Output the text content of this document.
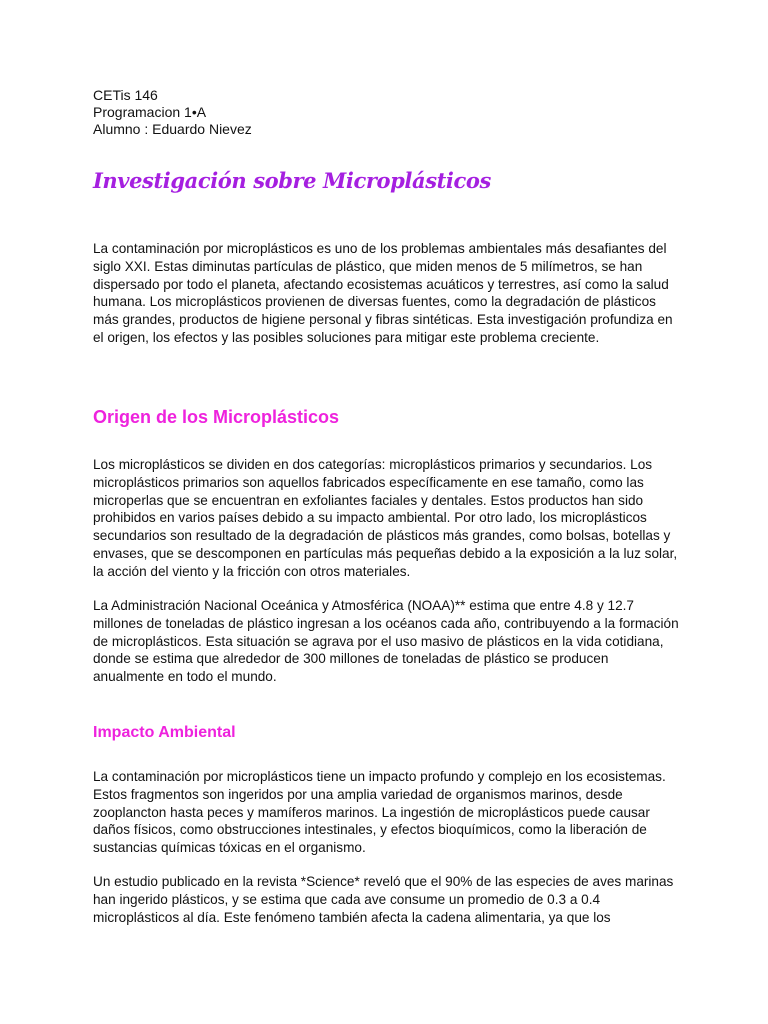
CETis 146

Programacion 1•A

Alumno : Eduardo Nievez

Investigación sobre Microplásticos

La contaminación por microplásticos es uno de los problemas ambientales más desafiantes del siglo XXI. Estas diminutas partículas de plástico, que miden menos de 5 milímetros, se han dispersado por todo el planeta, afectando ecosistemas acuáticos y terrestres, así como la salud humana. Los microplásticos provienen de diversas fuentes, como la degradación de plásticos más grandes, productos de higiene personal y fibras sintéticas. Esta investigación profundiza en el origen, los efectos y las posibles soluciones para mitigar este problema creciente.

Origen de los Microplásticos

Los microplásticos se dividen en dos categorías: microplásticos primarios y secundarios. Los microplásticos primarios son aquellos fabricados específicamente en ese tamaño, como las microperlas que se encuentran en exfoliantes faciales y dentales. Estos productos han sido prohibidos en varios países debido a su impacto ambiental. Por otro lado, los microplásticos secundarios son resultado de la degradación de plásticos más grandes, como bolsas, botellas y envases, que se descomponen en partículas más pequeñas debido a la exposición a la luz solar, la acción del viento y la fricción con otros materiales.

La Administración Nacional Oceánica y Atmosférica (NOAA)** estima que entre 4.8 y 12.7 millones de toneladas de plástico ingresan a los océanos cada año, contribuyendo a la formación de microplásticos. Esta situación se agrava por el uso masivo de plásticos en la vida cotidiana, donde se estima que alrededor de 300 millones de toneladas de plástico se producen anualmente en todo el mundo.

Impacto Ambiental

La contaminación por microplásticos tiene un impacto profundo y complejo en los ecosistemas. Estos fragmentos son ingeridos por una amplia variedad de organismos marinos, desde zooplancton hasta peces y mamíferos marinos. La ingestión de microplásticos puede causar daños físicos, como obstrucciones intestinales, y efectos bioquímicos, como la liberación de sustancias químicas tóxicas en el organismo.

Un estudio publicado en la revista *Science* reveló que el 90% de las especies de aves marinas han ingerido plásticos, y se estima que cada ave consume un promedio de 0.3 a 0.4 microplásticos al día. Este fenómeno también afecta la cadena alimentaria, ya que los
